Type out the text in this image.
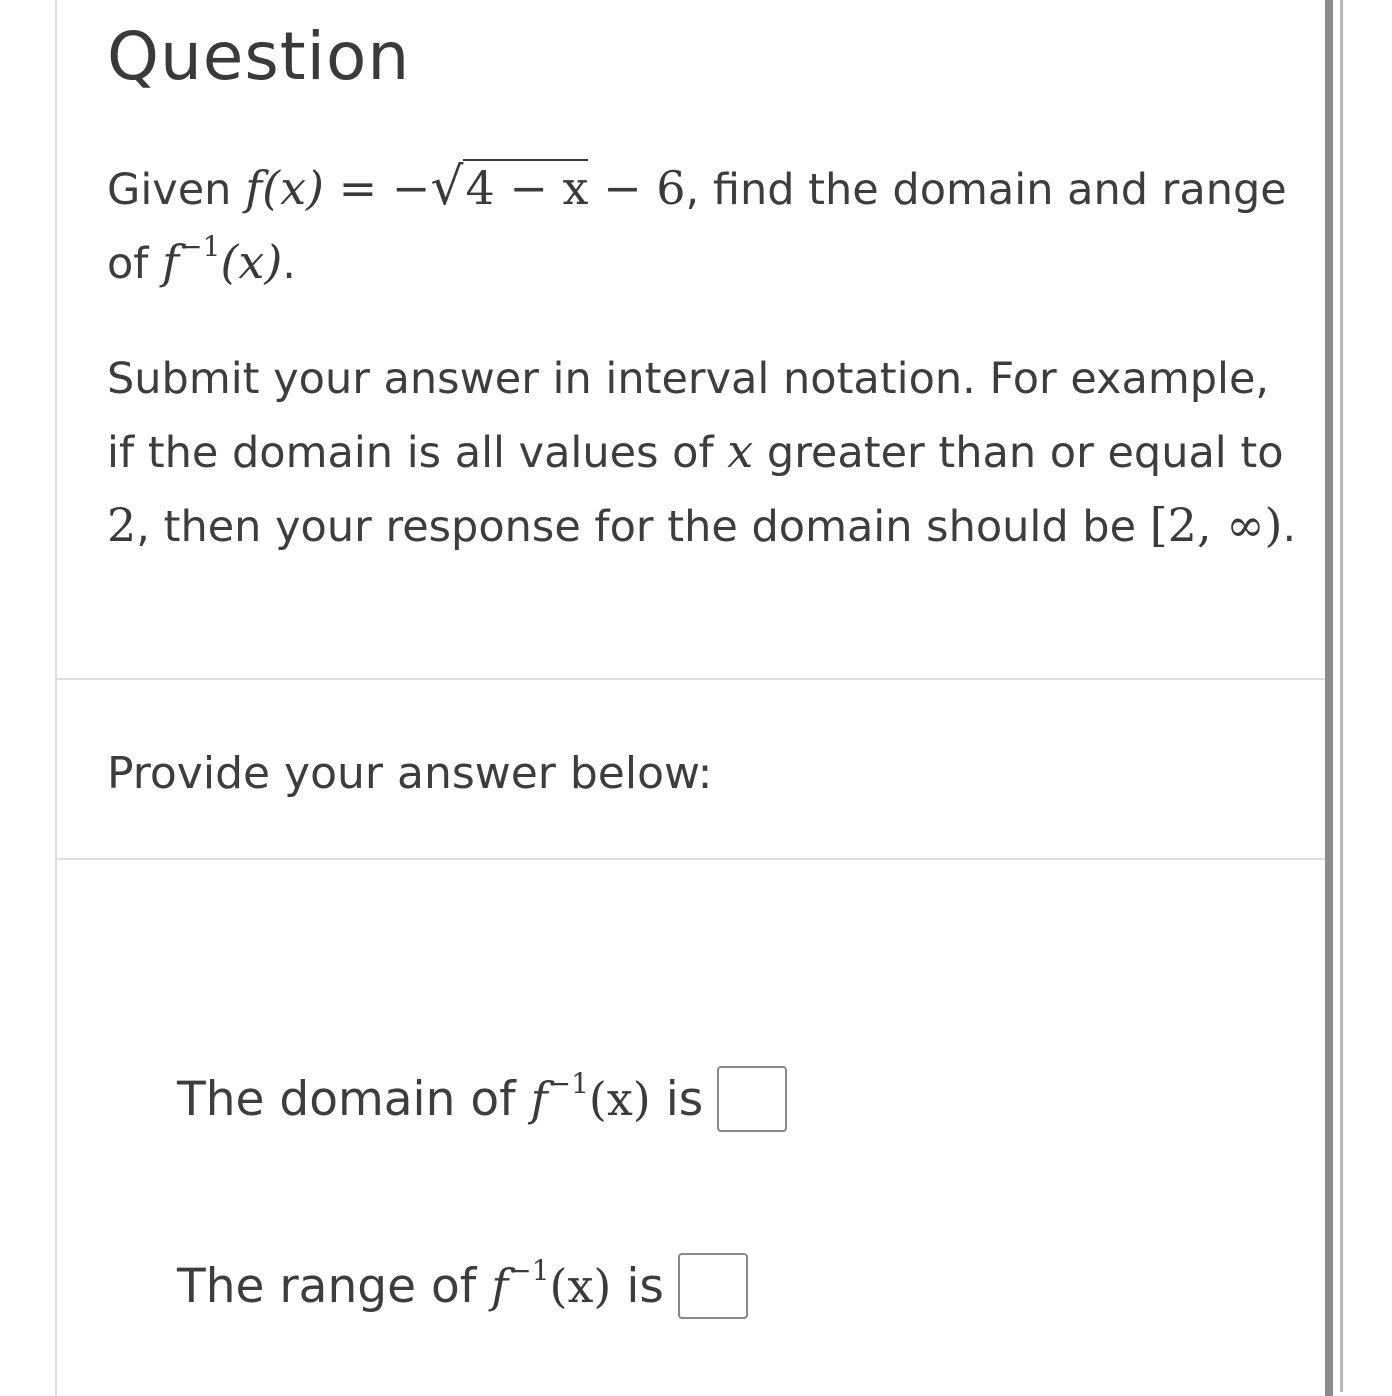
Question

Given f(x) = −√4 − x − 6, find the domain and range of $f^{-1}(x)$.

Submit your answer in interval notation. For example, if the domain is all values of x greater than or equal to 2, then your response for the domain should be [2, ∞).

Provide your answer below:

The domain of
$f^{-1}(x)$
is
The range of
$f^{-1}(x)$
is
